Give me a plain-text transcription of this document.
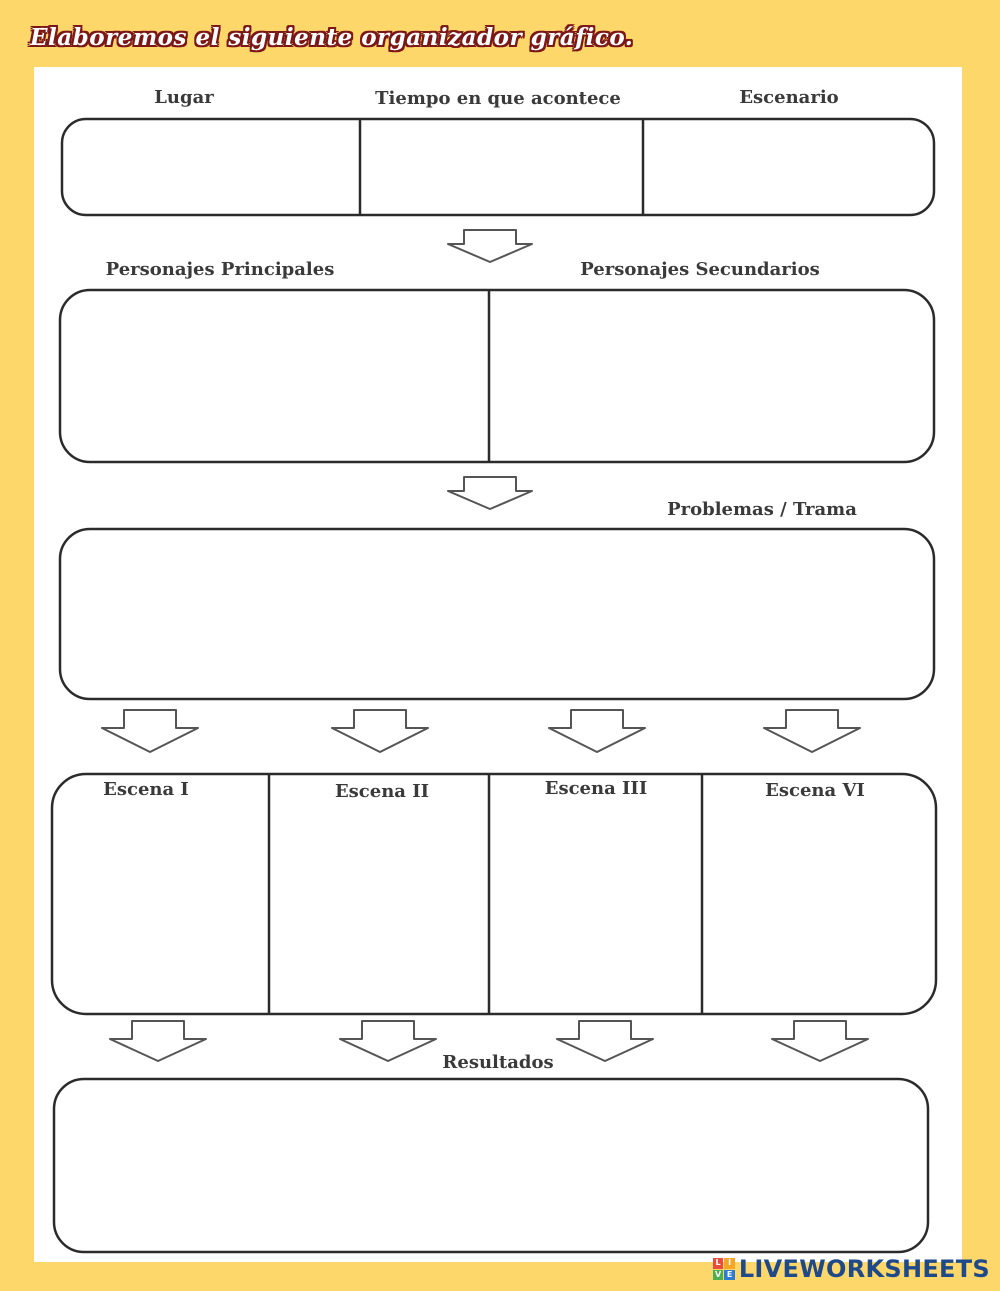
Elaboremos el siguiente organizador gráfico.
Lugar	Tiempo en que acontece	Escenario
Personajes Principales	Personajes Secundarios
Problemas / Trama
Escena I	Escena II	Escena III	Escena VI
Resultados
L I
V E LIVEWORKSHEETS
